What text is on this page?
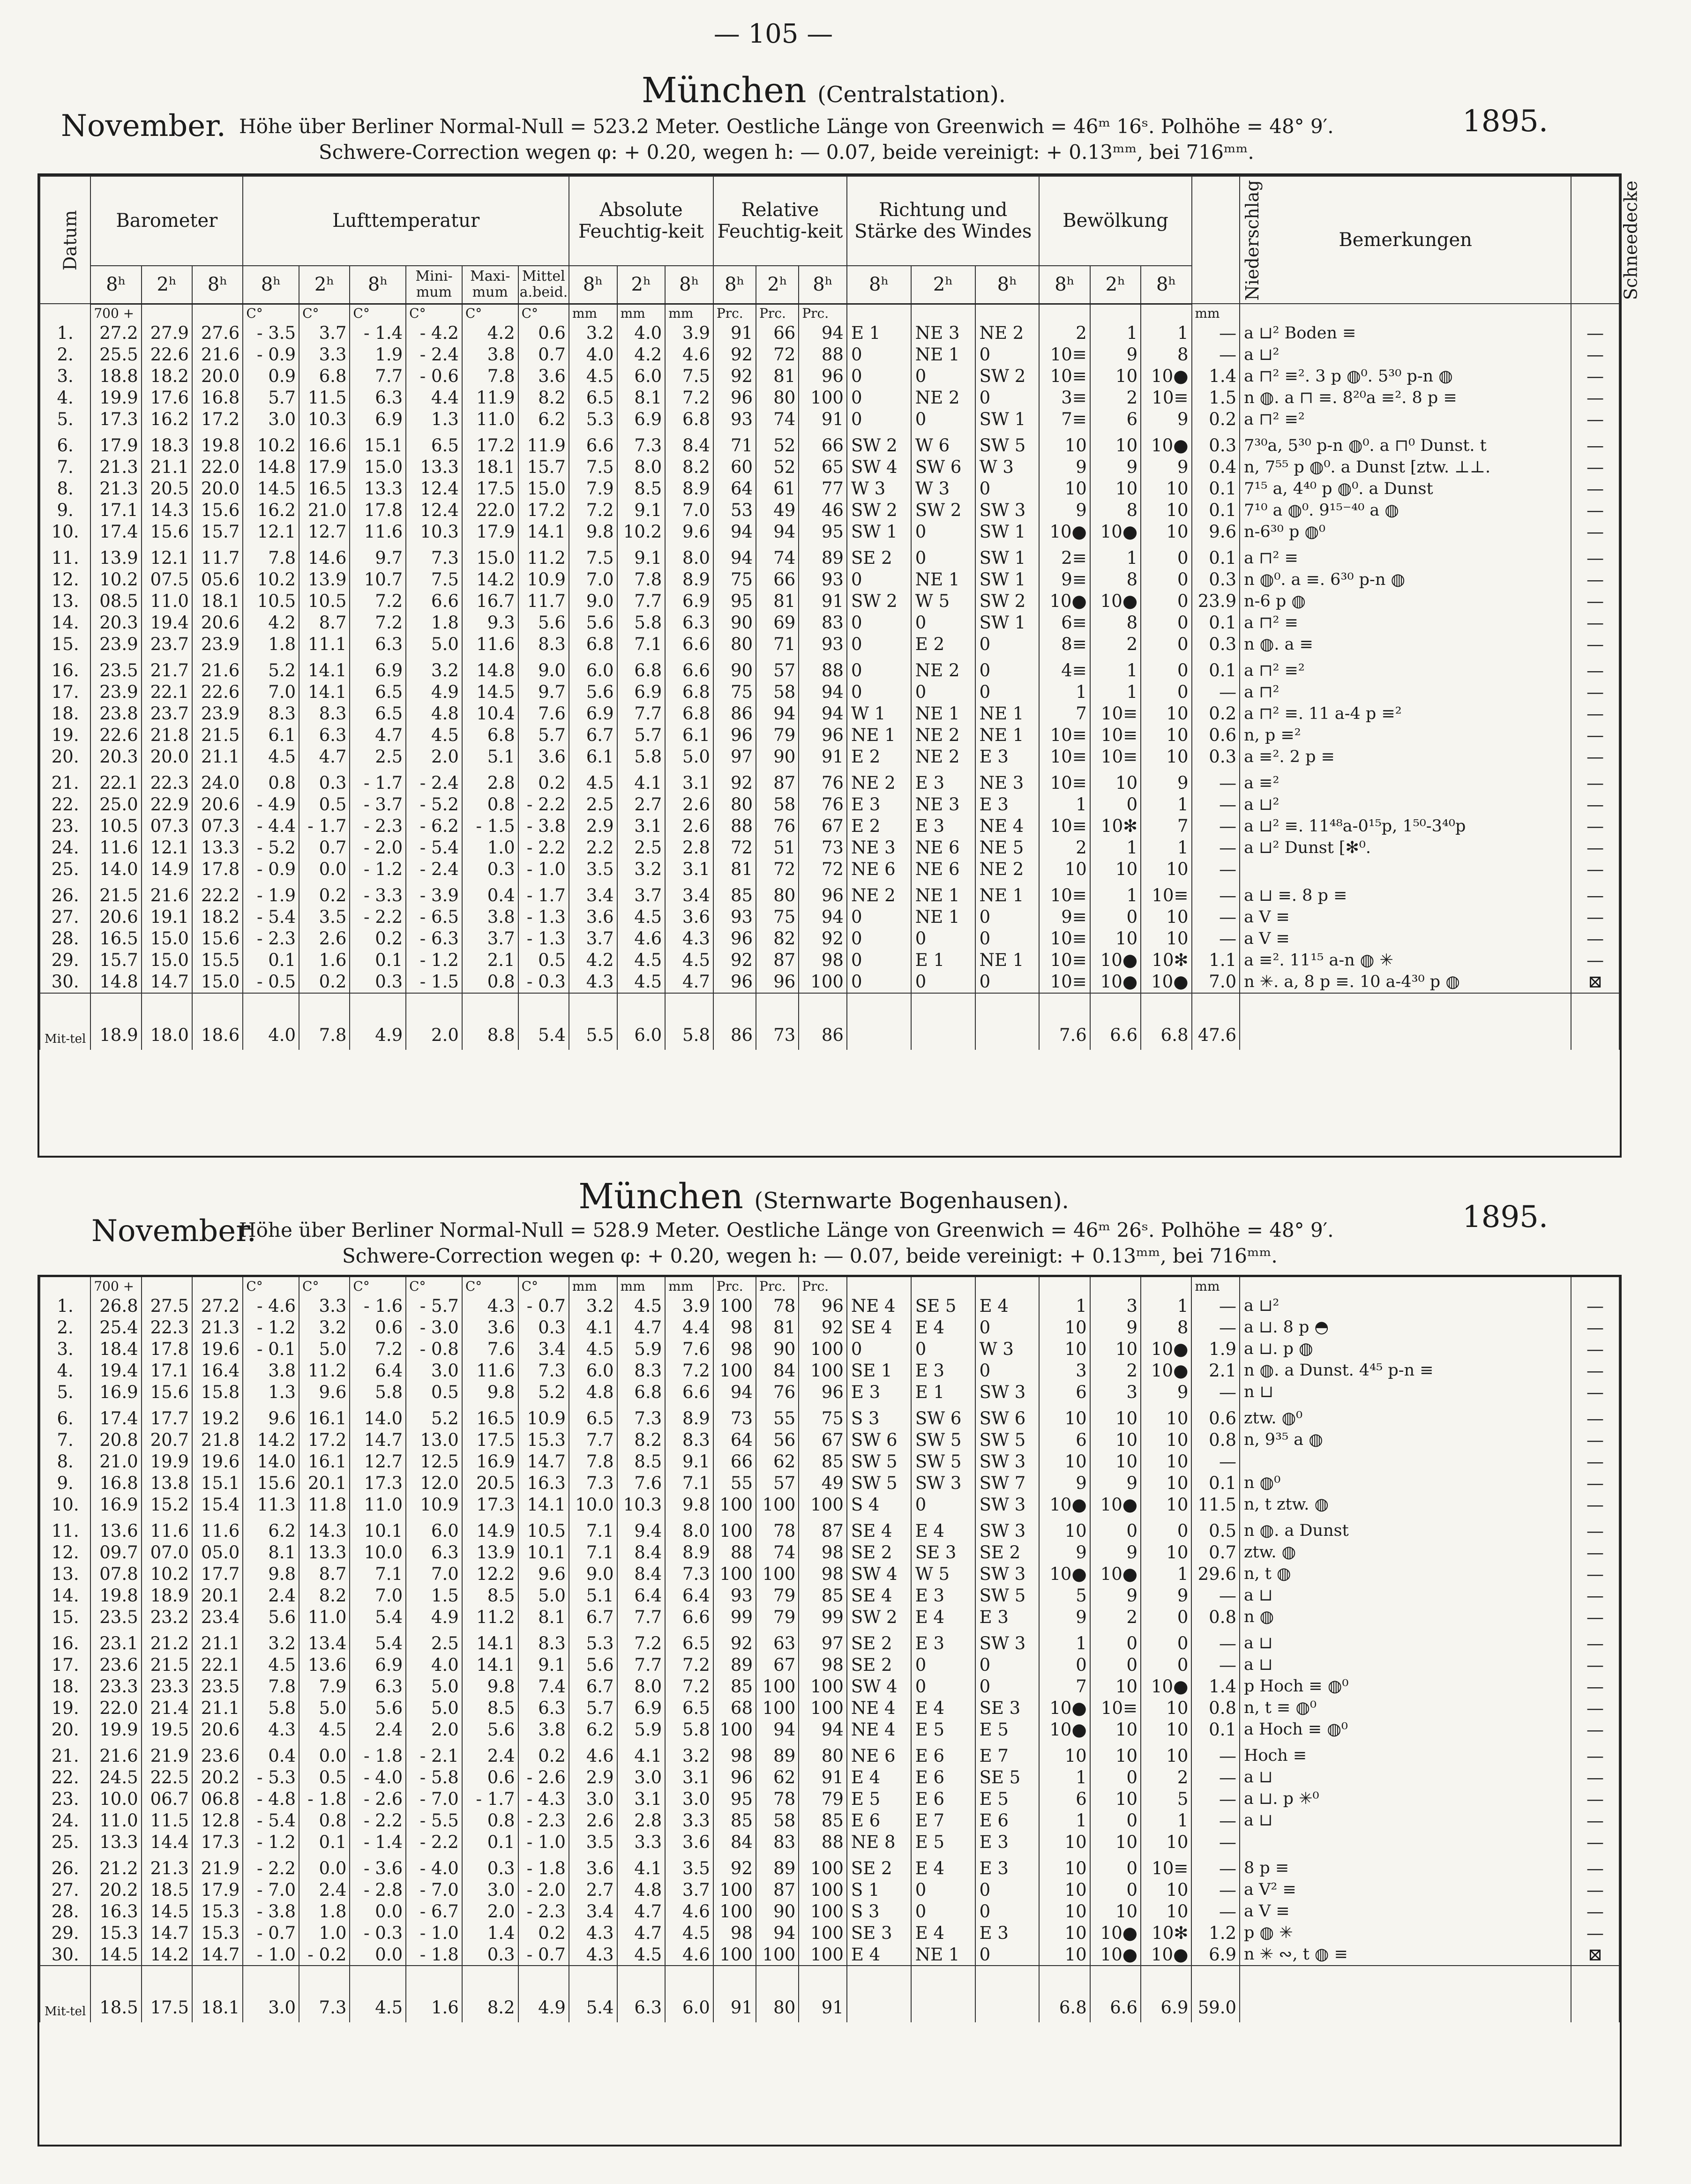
— 105 —
München (Centralstation).
November.	1895.
Höhe über Berliner Normal-Null = 523.2 Meter. Oestliche Länge von Greenwich = 46ᵐ 16ˢ. Polhöhe = 48° 9′.
Schwere-Correction wegen φ: + 0.20, wegen h: — 0.07, beide vereinigt: + 0.13ᵐᵐ, bei 716ᵐᵐ.
Datum	Barometer			Lufttemperatur						Absolute Feuchtig-keit			Relative Feuchtig-keit			Richtung und Stärke des Windes			Bewölkung			Niederschlag	Bemerkungen	Schneedecke
	8ʰ	2ʰ	8ʰ	8ʰ	2ʰ	8ʰ	Mini-mum	Maxi-mum	Mittel a.beid.	8ʰ	2ʰ	8ʰ	8ʰ	2ʰ	8ʰ	8ʰ	2ʰ	8ʰ	8ʰ	2ʰ	8ʰ			
	700 +			C°	C°	C°	C°	C°	C°	mm	mm	mm	Prc.	Prc.	Prc.							mm		
1.	27.2	27.9	27.6	- 3.5	3.7	- 1.4	- 4.2	4.2	0.6	3.2	4.0	3.9	91	66	94	E 1	NE 3	NE 2	2	1	1	—	a ⊔² Boden ≡	—
2.	25.5	22.6	21.6	- 0.9	3.3	1.9	- 2.4	3.8	0.7	4.0	4.2	4.6	92	72	88	0	NE 1	0	10≡	9	8	—	a ⊔²	—
3.	18.8	18.2	20.0	0.9	6.8	7.7	- 0.6	7.8	3.6	4.5	6.0	7.5	92	81	96	0	0	SW 2	10≡	10	10●	1.4	a ⊓² ≡². 3 p ◍⁰. 5³⁰ p-n ◍	—
4.	19.9	17.6	16.8	5.7	11.5	6.3	4.4	11.9	8.2	6.5	8.1	7.2	96	80	100	0	NE 2	0	3≡	2	10≡	1.5	n ◍. a ⊓ ≡. 8²⁰a ≡². 8 p ≡	—
5.	17.3	16.2	17.2	3.0	10.3	6.9	1.3	11.0	6.2	5.3	6.9	6.8	93	74	91	0	0	SW 1	7≡	6	9	0.2	a ⊓² ≡²	—
6.	17.9	18.3	19.8	10.2	16.6	15.1	6.5	17.2	11.9	6.6	7.3	8.4	71	52	66	SW 2	W 6	SW 5	10	10	10●	0.3	7³⁰a, 5³⁰ p-n ◍⁰. a ⊓⁰ Dunst. t	—
7.	21.3	21.1	22.0	14.8	17.9	15.0	13.3	18.1	15.7	7.5	8.0	8.2	60	52	65	SW 4	SW 6	W 3	9	9	9	0.4	n, 7⁵⁵ p ◍⁰. a Dunst [ztw. ⊥⊥.	—
8.	21.3	20.5	20.0	14.5	16.5	13.3	12.4	17.5	15.0	7.9	8.5	8.9	64	61	77	W 3	W 3	0	10	10	10	0.1	7¹⁵ a, 4⁴⁰ p ◍⁰. a Dunst	—
9.	17.1	14.3	15.6	16.2	21.0	17.8	12.4	22.0	17.2	7.2	9.1	7.0	53	49	46	SW 2	SW 2	SW 3	9	8	10	0.1	7¹⁰ a ◍⁰. 9¹⁵⁻⁴⁰ a ◍	—
10.	17.4	15.6	15.7	12.1	12.7	11.6	10.3	17.9	14.1	9.8	10.2	9.6	94	94	95	SW 1	0	SW 1	10●	10●	10	9.6	n-6³⁰ p ◍⁰	—
11.	13.9	12.1	11.7	7.8	14.6	9.7	7.3	15.0	11.2	7.5	9.1	8.0	94	74	89	SE 2	0	SW 1	2≡	1	0	0.1	a ⊓² ≡	—
12.	10.2	07.5	05.6	10.2	13.9	10.7	7.5	14.2	10.9	7.0	7.8	8.9	75	66	93	0	NE 1	SW 1	9≡	8	0	0.3	n ◍⁰. a ≡. 6³⁰ p-n ◍	—
13.	08.5	11.0	18.1	10.5	10.5	7.2	6.6	16.7	11.7	9.0	7.7	6.9	95	81	91	SW 2	W 5	SW 2	10●	10●	0	23.9	n-6 p ◍	—
14.	20.3	19.4	20.6	4.2	8.7	7.2	1.8	9.3	5.6	5.6	5.8	6.3	90	69	83	0	0	SW 1	6≡	8	0	0.1	a ⊓² ≡	—
15.	23.9	23.7	23.9	1.8	11.1	6.3	5.0	11.6	8.3	6.8	7.1	6.6	80	71	93	0	E 2	0	8≡	2	0	0.3	n ◍. a ≡	—
16.	23.5	21.7	21.6	5.2	14.1	6.9	3.2	14.8	9.0	6.0	6.8	6.6	90	57	88	0	NE 2	0	4≡	1	0	0.1	a ⊓² ≡²	—
17.	23.9	22.1	22.6	7.0	14.1	6.5	4.9	14.5	9.7	5.6	6.9	6.8	75	58	94	0	0	0	1	1	0	—	a ⊓²	—
18.	23.8	23.7	23.9	8.3	8.3	6.5	4.8	10.4	7.6	6.9	7.7	6.8	86	94	94	W 1	NE 1	NE 1	7	10≡	10	0.2	a ⊓² ≡. 11 a-4 p ≡²	—
19.	22.6	21.8	21.5	6.1	6.3	4.7	4.5	6.8	5.7	6.7	5.7	6.1	96	79	96	NE 1	NE 2	NE 1	10≡	10≡	10	0.6	n, p ≡²	—
20.	20.3	20.0	21.1	4.5	4.7	2.5	2.0	5.1	3.6	6.1	5.8	5.0	97	90	91	E 2	NE 2	E 3	10≡	10≡	10	0.3	a ≡². 2 p ≡	—
21.	22.1	22.3	24.0	0.8	0.3	- 1.7	- 2.4	2.8	0.2	4.5	4.1	3.1	92	87	76	NE 2	E 3	NE 3	10≡	10	9	—	a ≡²	—
22.	25.0	22.9	20.6	- 4.9	0.5	- 3.7	- 5.2	0.8	- 2.2	2.5	2.7	2.6	80	58	76	E 3	NE 3	E 3	1	0	1	—	a ⊔²	—
23.	10.5	07.3	07.3	- 4.4	- 1.7	- 2.3	- 6.2	- 1.5	- 3.8	2.9	3.1	2.6	88	76	67	E 2	E 3	NE 4	10≡	10✻	7	—	a ⊔² ≡. 11⁴⁸a-0¹⁵p, 1⁵⁰-3⁴⁰p	—
24.	11.6	12.1	13.3	- 5.2	0.7	- 2.0	- 5.4	1.0	- 2.2	2.2	2.5	2.8	72	51	73	NE 3	NE 6	NE 5	2	1	1	—	a ⊔² Dunst [✻⁰.	—
25.	14.0	14.9	17.8	- 0.9	0.0	- 1.2	- 2.4	0.3	- 1.0	3.5	3.2	3.1	81	72	72	NE 6	NE 6	NE 2	10	10	10	—		—
26.	21.5	21.6	22.2	- 1.9	0.2	- 3.3	- 3.9	0.4	- 1.7	3.4	3.7	3.4	85	80	96	NE 2	NE 1	NE 1	10≡	1	10≡	—	a ⊔ ≡. 8 p ≡	—
27.	20.6	19.1	18.2	- 5.4	3.5	- 2.2	- 6.5	3.8	- 1.3	3.6	4.5	3.6	93	75	94	0	NE 1	0	9≡	0	10	—	a V ≡	—
28.	16.5	15.0	15.6	- 2.3	2.6	0.2	- 6.3	3.7	- 1.3	3.7	4.6	4.3	96	82	92	0	0	0	10≡	10	10	—	a V ≡	—
29.	15.7	15.0	15.5	0.1	1.6	0.1	- 1.2	2.1	0.5	4.2	4.5	4.5	92	87	98	0	E 1	NE 1	10≡	10●	10✻	1.1	a ≡². 11¹⁵ a-n ◍ ✳	—
30.	14.8	14.7	15.0	- 0.5	0.2	0.3	- 1.5	0.8	- 0.3	4.3	4.5	4.7	96	96	100	0	0	0	10≡	10●	10●	7.0	n ✳. a, 8 p ≡. 10 a-4³⁰ p ◍	⊠
Mit-tel	18.9	18.0	18.6	4.0	7.8	4.9	2.0	8.8	5.4	5.5	6.0	5.8	86	73	86				7.6	6.6	6.8	47.6		
München (Sternwarte Bogenhausen).
November.	1895.
Höhe über Berliner Normal-Null = 528.9 Meter. Oestliche Länge von Greenwich = 46ᵐ 26ˢ. Polhöhe = 48° 9′.
Schwere-Correction wegen φ: + 0.20, wegen h: — 0.07, beide vereinigt: + 0.13ᵐᵐ, bei 716ᵐᵐ.

	700 +			C°	C°	C°	C°	C°	C°	mm	mm	mm	Prc.	Prc.	Prc.							mm		
1.	26.8	27.5	27.2	- 4.6	3.3	- 1.6	- 5.7	4.3	- 0.7	3.2	4.5	3.9	100	78	96	NE 4	SE 5	E 4	1	3	1	—	a ⊔²	—
2.	25.4	22.3	21.3	- 1.2	3.2	0.6	- 3.0	3.6	0.3	4.1	4.7	4.4	98	81	92	SE 4	E 4	0	10	9	8	—	a ⊔. 8 p ◓	—
3.	18.4	17.8	19.6	- 0.1	5.0	7.2	- 0.8	7.6	3.4	4.5	5.9	7.6	98	90	100	0	0	W 3	10	10	10●	1.9	a ⊔. p ◍	—
4.	19.4	17.1	16.4	3.8	11.2	6.4	3.0	11.6	7.3	6.0	8.3	7.2	100	84	100	SE 1	E 3	0	3	2	10●	2.1	n ◍. a Dunst. 4⁴⁵ p-n ≡	—
5.	16.9	15.6	15.8	1.3	9.6	5.8	0.5	9.8	5.2	4.8	6.8	6.6	94	76	96	E 3	E 1	SW 3	6	3	9	—	n ⊔	—
6.	17.4	17.7	19.2	9.6	16.1	14.0	5.2	16.5	10.9	6.5	7.3	8.9	73	55	75	S 3	SW 6	SW 6	10	10	10	0.6	ztw. ◍⁰	—
7.	20.8	20.7	21.8	14.2	17.2	14.7	13.0	17.5	15.3	7.7	8.2	8.3	64	56	67	SW 6	SW 5	SW 5	6	10	10	0.8	n, 9³⁵ a ◍	—
8.	21.0	19.9	19.6	14.0	16.1	12.7	12.5	16.9	14.7	7.8	8.5	9.1	66	62	85	SW 5	SW 5	SW 3	10	10	10	—		—
9.	16.8	13.8	15.1	15.6	20.1	17.3	12.0	20.5	16.3	7.3	7.6	7.1	55	57	49	SW 5	SW 3	SW 7	9	9	10	0.1	n ◍⁰	—
10.	16.9	15.2	15.4	11.3	11.8	11.0	10.9	17.3	14.1	10.0	10.3	9.8	100	100	100	S 4	0	SW 3	10●	10●	10	11.5	n, t ztw. ◍	—
11.	13.6	11.6	11.6	6.2	14.3	10.1	6.0	14.9	10.5	7.1	9.4	8.0	100	78	87	SE 4	E 4	SW 3	10	0	0	0.5	n ◍. a Dunst	—
12.	09.7	07.0	05.0	8.1	13.3	10.0	6.3	13.9	10.1	7.1	8.4	8.9	88	74	98	SE 2	SE 3	SE 2	9	9	10	0.7	ztw. ◍	—
13.	07.8	10.2	17.7	9.8	8.7	7.1	7.0	12.2	9.6	9.0	8.4	7.3	100	100	98	SW 4	W 5	SW 3	10●	10●	1	29.6	n, t ◍	—
14.	19.8	18.9	20.1	2.4	8.2	7.0	1.5	8.5	5.0	5.1	6.4	6.4	93	79	85	SE 4	E 3	SW 5	5	9	9	—	a ⊔	—
15.	23.5	23.2	23.4	5.6	11.0	5.4	4.9	11.2	8.1	6.7	7.7	6.6	99	79	99	SW 2	E 4	E 3	9	2	0	0.8	n ◍	—
16.	23.1	21.2	21.1	3.2	13.4	5.4	2.5	14.1	8.3	5.3	7.2	6.5	92	63	97	SE 2	E 3	SW 3	1	0	0	—	a ⊔	—
17.	23.6	21.5	22.1	4.5	13.6	6.9	4.0	14.1	9.1	5.6	7.7	7.2	89	67	98	SE 2	0	0	0	0	0	—	a ⊔	—
18.	23.3	23.3	23.5	7.8	7.9	6.3	5.0	9.8	7.4	6.7	8.0	7.2	85	100	100	SW 4	0	0	7	10	10●	1.4	p Hoch ≡ ◍⁰	—
19.	22.0	21.4	21.1	5.8	5.0	5.6	5.0	8.5	6.3	5.7	6.9	6.5	68	100	100	NE 4	E 4	SE 3	10●	10≡	10	0.8	n, t ≡ ◍⁰	—
20.	19.9	19.5	20.6	4.3	4.5	2.4	2.0	5.6	3.8	6.2	5.9	5.8	100	94	94	NE 4	E 5	E 5	10●	10	10	0.1	a Hoch ≡ ◍⁰	—
21.	21.6	21.9	23.6	0.4	0.0	- 1.8	- 2.1	2.4	0.2	4.6	4.1	3.2	98	89	80	NE 6	E 6	E 7	10	10	10	—	Hoch ≡	—
22.	24.5	22.5	20.2	- 5.3	0.5	- 4.0	- 5.8	0.6	- 2.6	2.9	3.0	3.1	96	62	91	E 4	E 6	SE 5	1	0	2	—	a ⊔	—
23.	10.0	06.7	06.8	- 4.8	- 1.8	- 2.6	- 7.0	- 1.7	- 4.3	3.0	3.1	3.0	95	78	79	E 5	E 6	E 5	6	10	5	—	a ⊔. p ✳⁰	—
24.	11.0	11.5	12.8	- 5.4	0.8	- 2.2	- 5.5	0.8	- 2.3	2.6	2.8	3.3	85	58	85	E 6	E 7	E 6	1	0	1	—	a ⊔	—
25.	13.3	14.4	17.3	- 1.2	0.1	- 1.4	- 2.2	0.1	- 1.0	3.5	3.3	3.6	84	83	88	NE 8	E 5	E 3	10	10	10	—		—
26.	21.2	21.3	21.9	- 2.2	0.0	- 3.6	- 4.0	0.3	- 1.8	3.6	4.1	3.5	92	89	100	SE 2	E 4	E 3	10	0	10≡	—	8 p ≡	—
27.	20.2	18.5	17.9	- 7.0	2.4	- 2.8	- 7.0	3.0	- 2.0	2.7	4.8	3.7	100	87	100	S 1	0	0	10	0	10	—	a V² ≡	—
28.	16.3	14.5	15.3	- 3.8	1.8	0.0	- 6.7	2.0	- 2.3	3.4	4.7	4.6	100	90	100	S 3	0	0	10	10	10	—	a V ≡	—
29.	15.3	14.7	15.3	- 0.7	1.0	- 0.3	- 1.0	1.4	0.2	4.3	4.7	4.5	98	94	100	SE 3	E 4	E 3	10	10●	10✻	1.2	p ◍ ✳	—
30.	14.5	14.2	14.7	- 1.0	- 0.2	0.0	- 1.8	0.3	- 0.7	4.3	4.5	4.6	100	100	100	E 4	NE 1	0	10	10●	10●	6.9	n ✳ ∾, t ◍ ≡	⊠
Mit-tel	18.5	17.5	18.1	3.0	7.3	4.5	1.6	8.2	4.9	5.4	6.3	6.0	91	80	91				6.8	6.6	6.9	59.0		
